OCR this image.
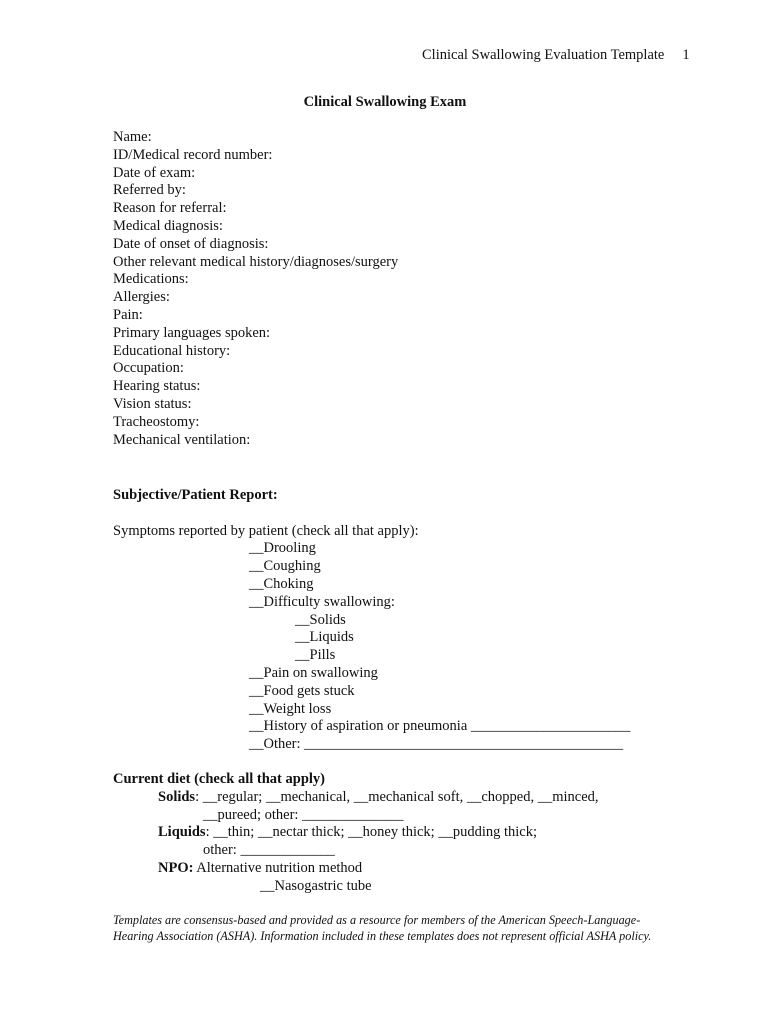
Clinical Swallowing Evaluation Template 1
Clinical Swallowing Exam
Name:
ID/Medical record number:
Date of exam:
Referred by:
Reason for referral:
Medical diagnosis:
Date of onset of diagnosis:
Other relevant medical history/diagnoses/surgery
Medications:
Allergies:
Pain:
Primary languages spoken:
Educational history:
Occupation:
Hearing status:
Vision status:
Tracheostomy:
Mechanical ventilation:
Subjective/Patient Report:
Symptoms reported by patient (check all that apply):
__Drooling
__Coughing
__Choking
__Difficulty swallowing:
__Solids
__Liquids
__Pills
__Pain on swallowing
__Food gets stuck
__Weight loss
__History of aspiration or pneumonia ______________________
__Other: ____________________________________________
Current diet (check all that apply)
Solids: __regular; __mechanical, __mechanical soft, __chopped, __minced,
__pureed; other: ______________
Liquids: __thin; __nectar thick; __honey thick; __pudding thick;
other: _____________
NPO: Alternative nutrition method
__Nasogastric tube
Templates are consensus-based and provided as a resource for members of the American Speech-Language-Hearing Association (ASHA). Information included in these templates does not represent official ASHA policy.
